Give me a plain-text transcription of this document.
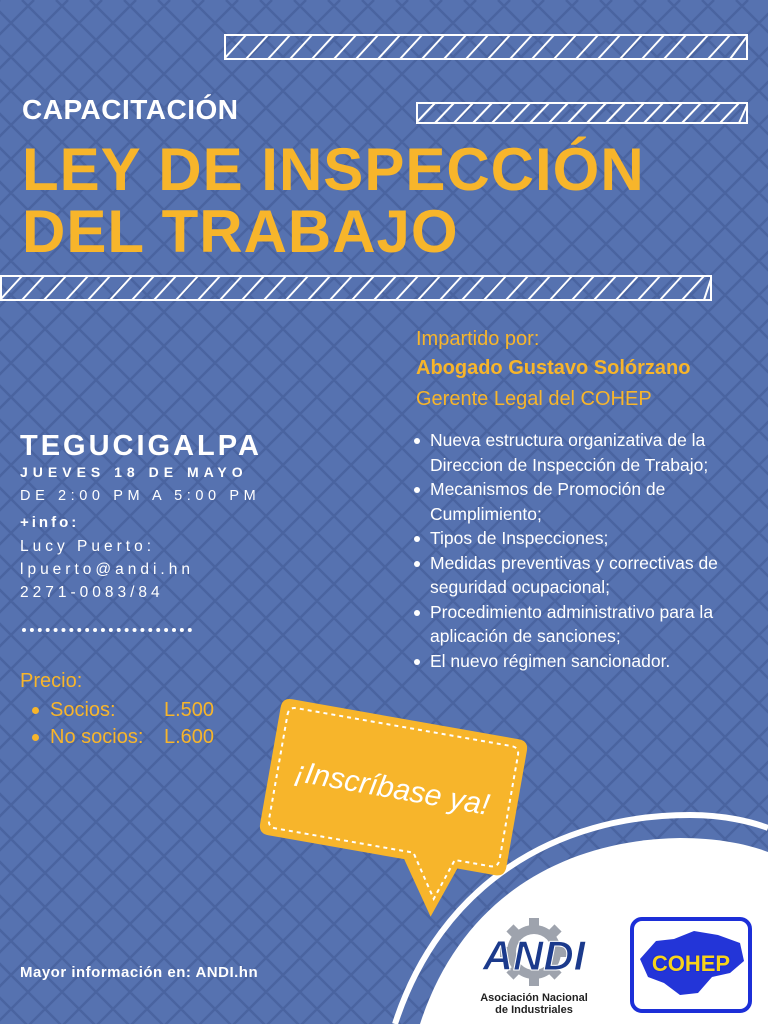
CAPACITACIÓN
LEY DE INSPECCIÓN
DEL TRABAJO
Impartido por:
Abogado Gustavo Solórzano
Gerente Legal del COHEP
Nueva estructura organizativa de la Direccion de Inspección de Trabajo;
Mecanismos de Promoción de Cumplimiento;
Tipos de Inspecciones;
Medidas preventivas y correctivas de seguridad ocupacional;
Procedimiento administrativo para la aplicación de sanciones;
El nuevo régimen sancionador.
TEGUCIGALPA
JUEVES 18 DE MAYO
DE 2:00 PM A 5:00 PM
+info:
Lucy Puerto:
lpuerto@andi.hn
2271-0083/84
Precio:
Socios: L.500
No socios: L.600
¡Inscríbase ya!
ANDI
Asociación Nacional
de Industriales
COHEP
Mayor información en: ANDI.hn
